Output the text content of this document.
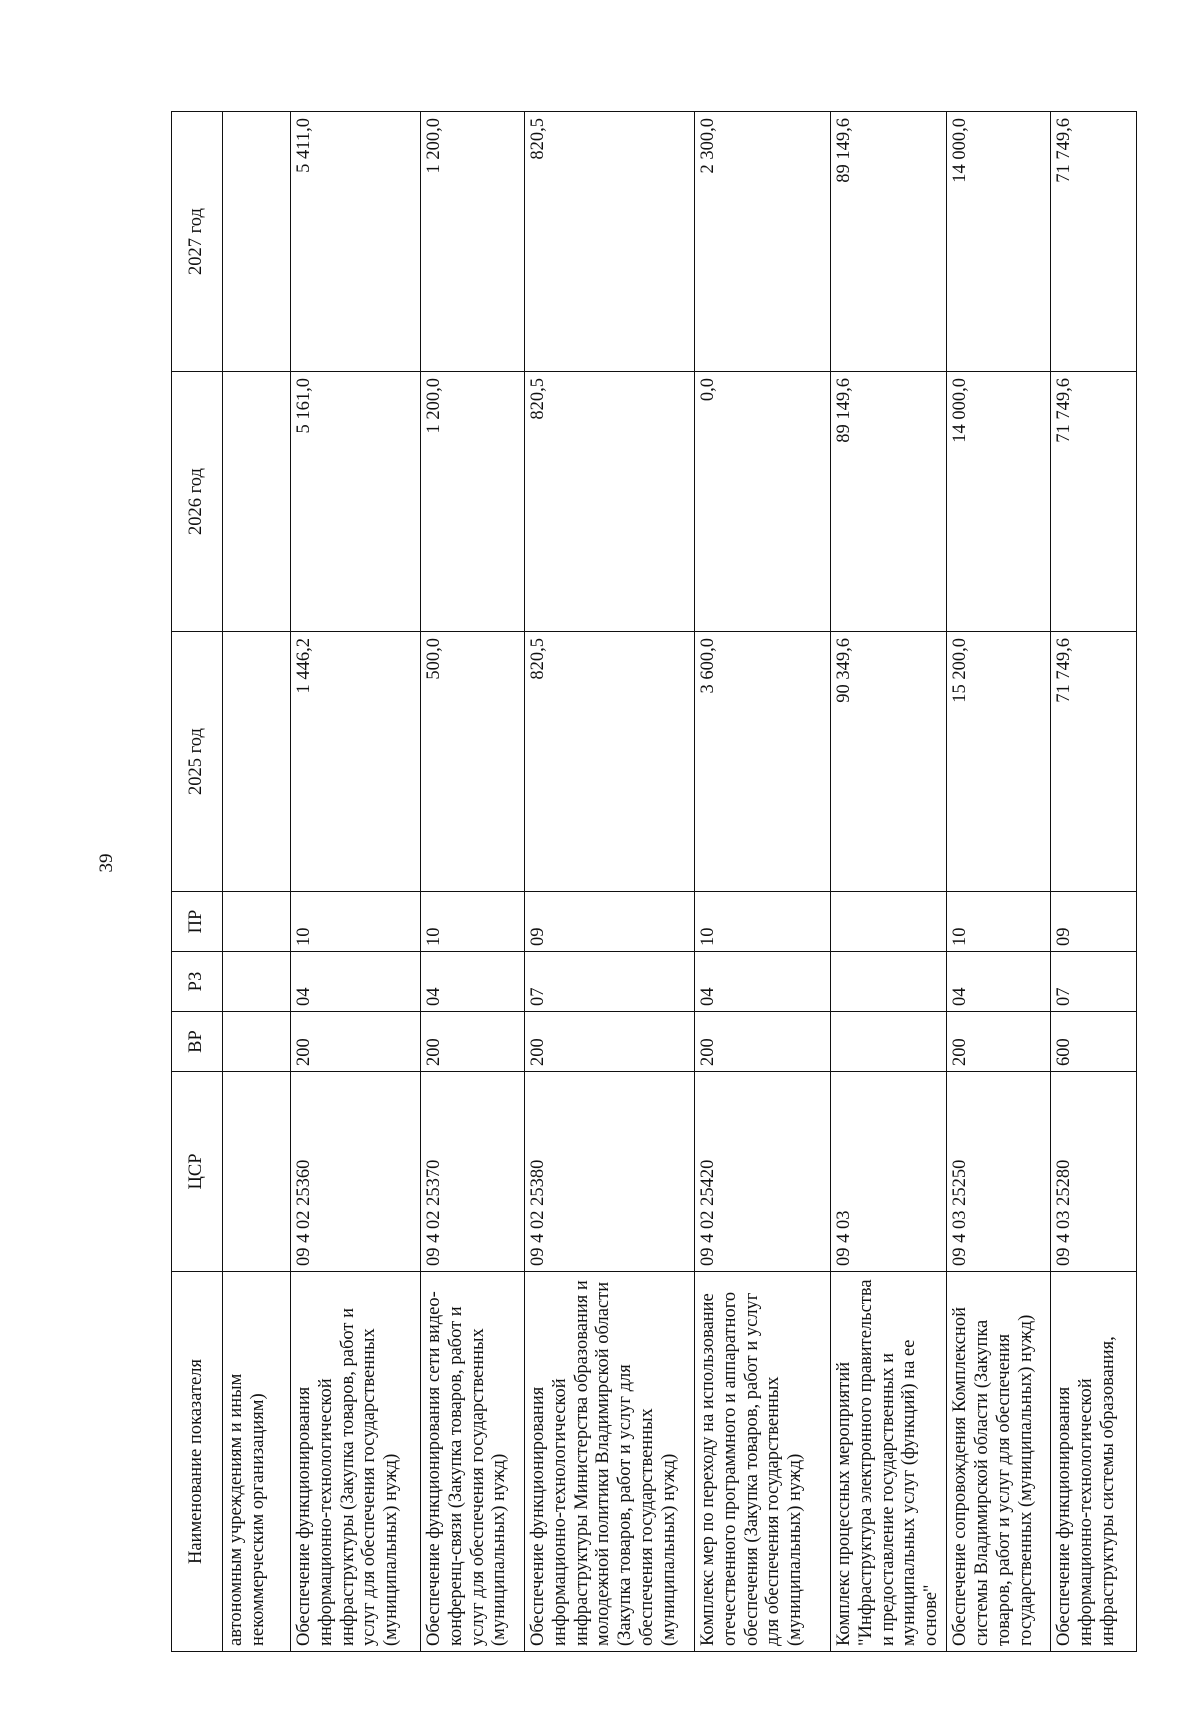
39
Наименование показателя	ЦСР	ВР	РЗ	ПР	2025 год	2026 год	2027 год
автономным учреждениям и иным некоммерческим организациям)							
Обеспечение функционирования информационно-технологической инфраструктуры (Закупка товаров, работ и услуг для обеспечения государственных (муниципальных) нужд)	09 4 02 25360	200	04	10	1 446,2	5 161,0	5 411,0
Обеспечение функционирования сети видео-конференц-связи (Закупка товаров, работ и услуг для обеспечения государственных (муниципальных) нужд)	09 4 02 25370	200	04	10	500,0	1 200,0	1 200,0
Обеспечение функционирования информационно-технологической инфраструктуры Министерства образования и молодежной политики Владимирской области (Закупка товаров, работ и услуг для обеспечения государственных (муниципальных) нужд)	09 4 02 25380	200	07	09	820,5	820,5	820,5
Комплекс мер по переходу на использование отечественного программного и аппаратного обеспечения (Закупка товаров, работ и услуг для обеспечения государственных (муниципальных) нужд)	09 4 02 25420	200	04	10	3 600,0	0,0	2 300,0
Комплекс процессных мероприятий "Инфраструктура электронного правительства и предоставление государственных и муниципальных услуг (функций) на ее основе"	09 4 03				90 349,6	89 149,6	89 149,6
Обеспечение сопровождения Комплексной системы Владимирской области (Закупка товаров, работ и услуг для обеспечения государственных (муниципальных) нужд)	09 4 03 25250	200	04	10	15 200,0	14 000,0	14 000,0
Обеспечение функционирования информационно-технологической инфраструктуры системы образования,	09 4 03 25280	600	07	09	71 749,6	71 749,6	71 749,6
